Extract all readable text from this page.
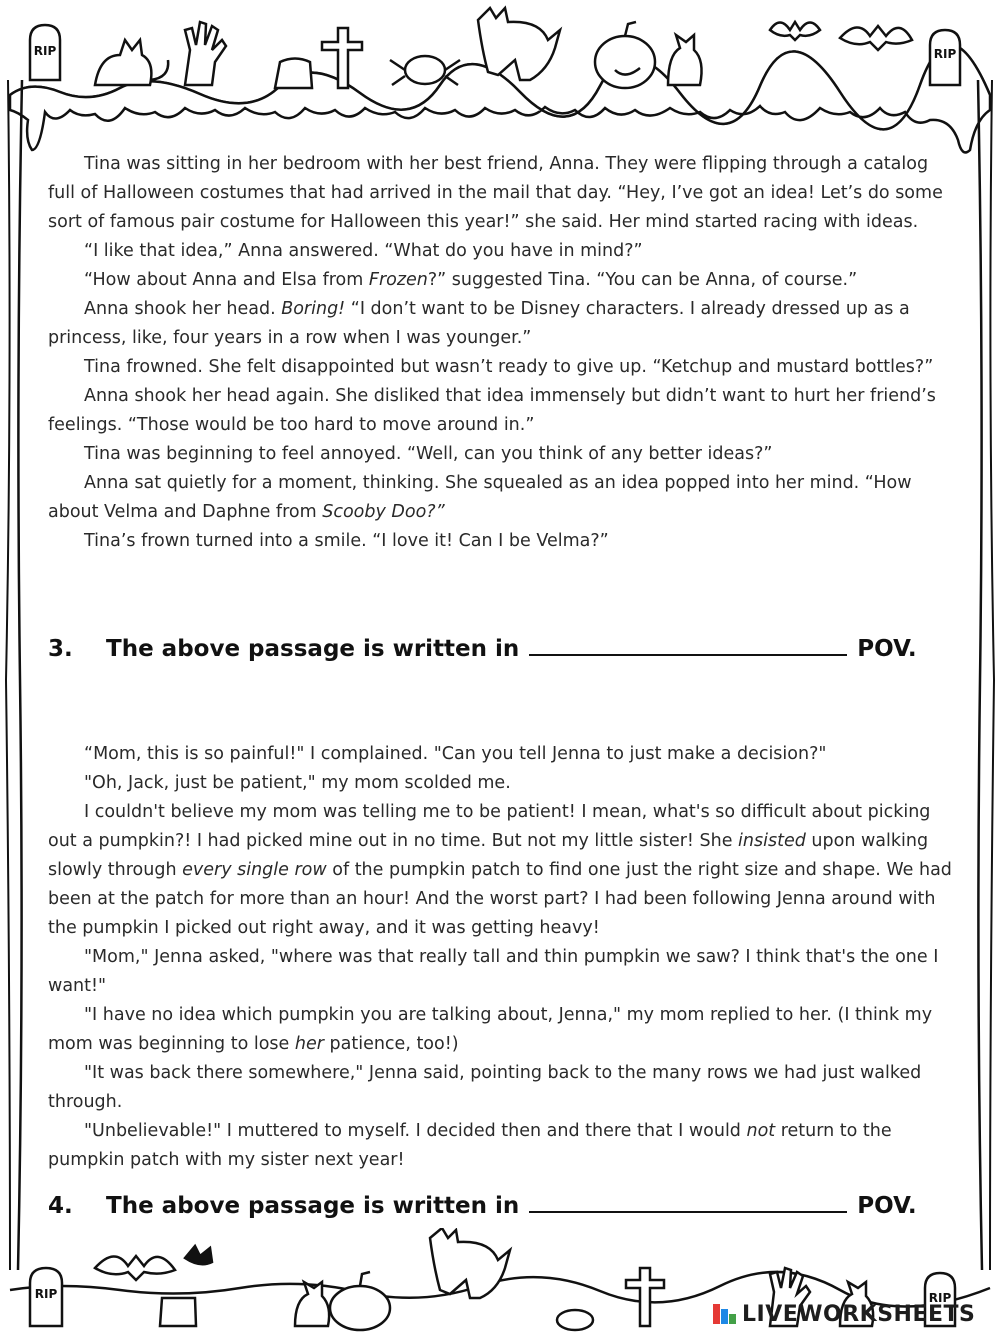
RIP	RIP

Tina was sitting in her bedroom with her best friend, Anna. They were flipping through a catalog full of Halloween costumes that had arrived in the mail that day. “Hey, I’ve got an idea! Let’s do some sort of famous pair costume for Halloween this year!” she said. Her mind started racing with ideas.

“I like that idea,” Anna answered. “What do you have in mind?”

“How about Anna and Elsa from Frozen?” suggested Tina. “You can be Anna, of course.”

Anna shook her head. Boring! “I don’t want to be Disney characters. I already dressed up as a princess, like, four years in a row when I was younger.”

Tina frowned. She felt disappointed but wasn’t ready to give up. “Ketchup and mustard bottles?”

Anna shook her head again. She disliked that idea immensely but didn’t want to hurt her friend’s feelings. “Those would be too hard to move around in.”

Tina was beginning to feel annoyed. “Well, can you think of any better ideas?”

Anna sat quietly for a moment, thinking. She squealed as an idea popped into her mind. “How about Velma and Daphne from Scooby Doo?”

Tina’s frown turned into a smile. “I love it! Can I be Velma?”

3.	The above passage is written in	POV.

“Mom, this is so painful!" I complained. "Can you tell Jenna to just make a decision?"

"Oh, Jack, just be patient," my mom scolded me.

I couldn't believe my mom was telling me to be patient! I mean, what's so difficult about picking out a pumpkin?! I had picked mine out in no time. But not my little sister! She insisted upon walking slowly through every single row of the pumpkin patch to find one just the right size and shape. We had been at the patch for more than an hour! And the worst part? I had been following Jenna around with the pumpkin I picked out right away, and it was getting heavy!

"Mom," Jenna asked, "where was that really tall and thin pumpkin we saw? I think that's the one I want!"

"I have no idea which pumpkin you are talking about, Jenna," my mom replied to her. (I think my mom was beginning to lose her patience, too!)

"It was back there somewhere," Jenna said, pointing back to the many rows we had just walked through.

"Unbelievable!" I muttered to myself. I decided then and there that I would not return to the pumpkin patch with my sister next year!

4.	The above passage is written in	POV.
RIP	RIP
LIVEWORKSHEETS
